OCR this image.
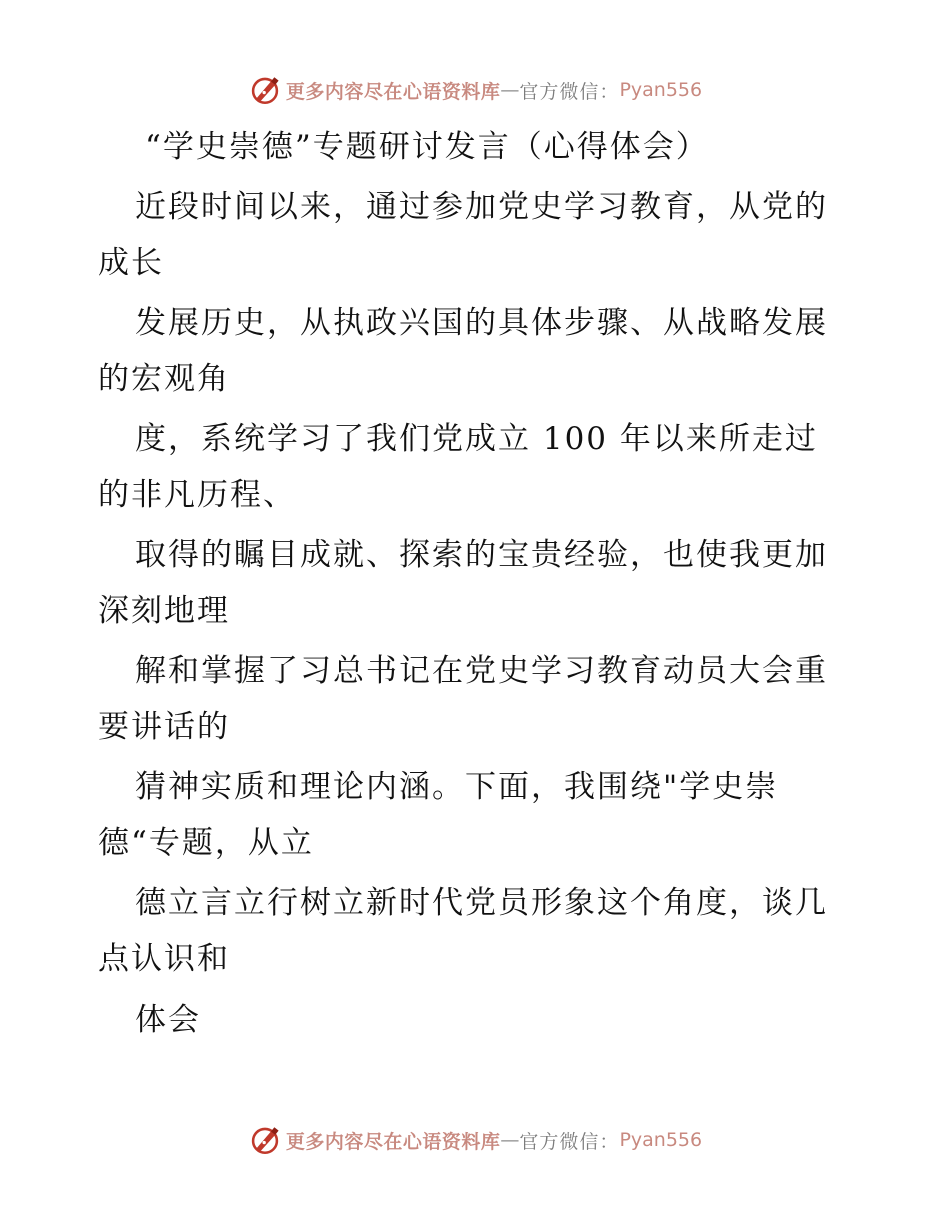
更多内容尽在心语资料库 — 官方微信： Pyan556
“学史崇德”专题研讨发言（心得体会）
近段时间以来，通过参加党史学习教育，从党的
成长
发展历史，从执政兴国的具体步骤、从战略发展
的宏观角
度，系统学习了我们党成立 100 年以来所走过
的非凡历程、
取得的瞩目成就、探索的宝贵经验，也使我更加
深刻地理
解和掌握了习总书记在党史学习教育动员大会重
要讲话的
猜神实质和理论内涵。下面，我围绕"学史崇
德“专题，从立
德立言立行树立新时代党员形象这个角度，谈几
点认识和
体会
更多内容尽在心语资料库 — 官方微信： Pyan556
